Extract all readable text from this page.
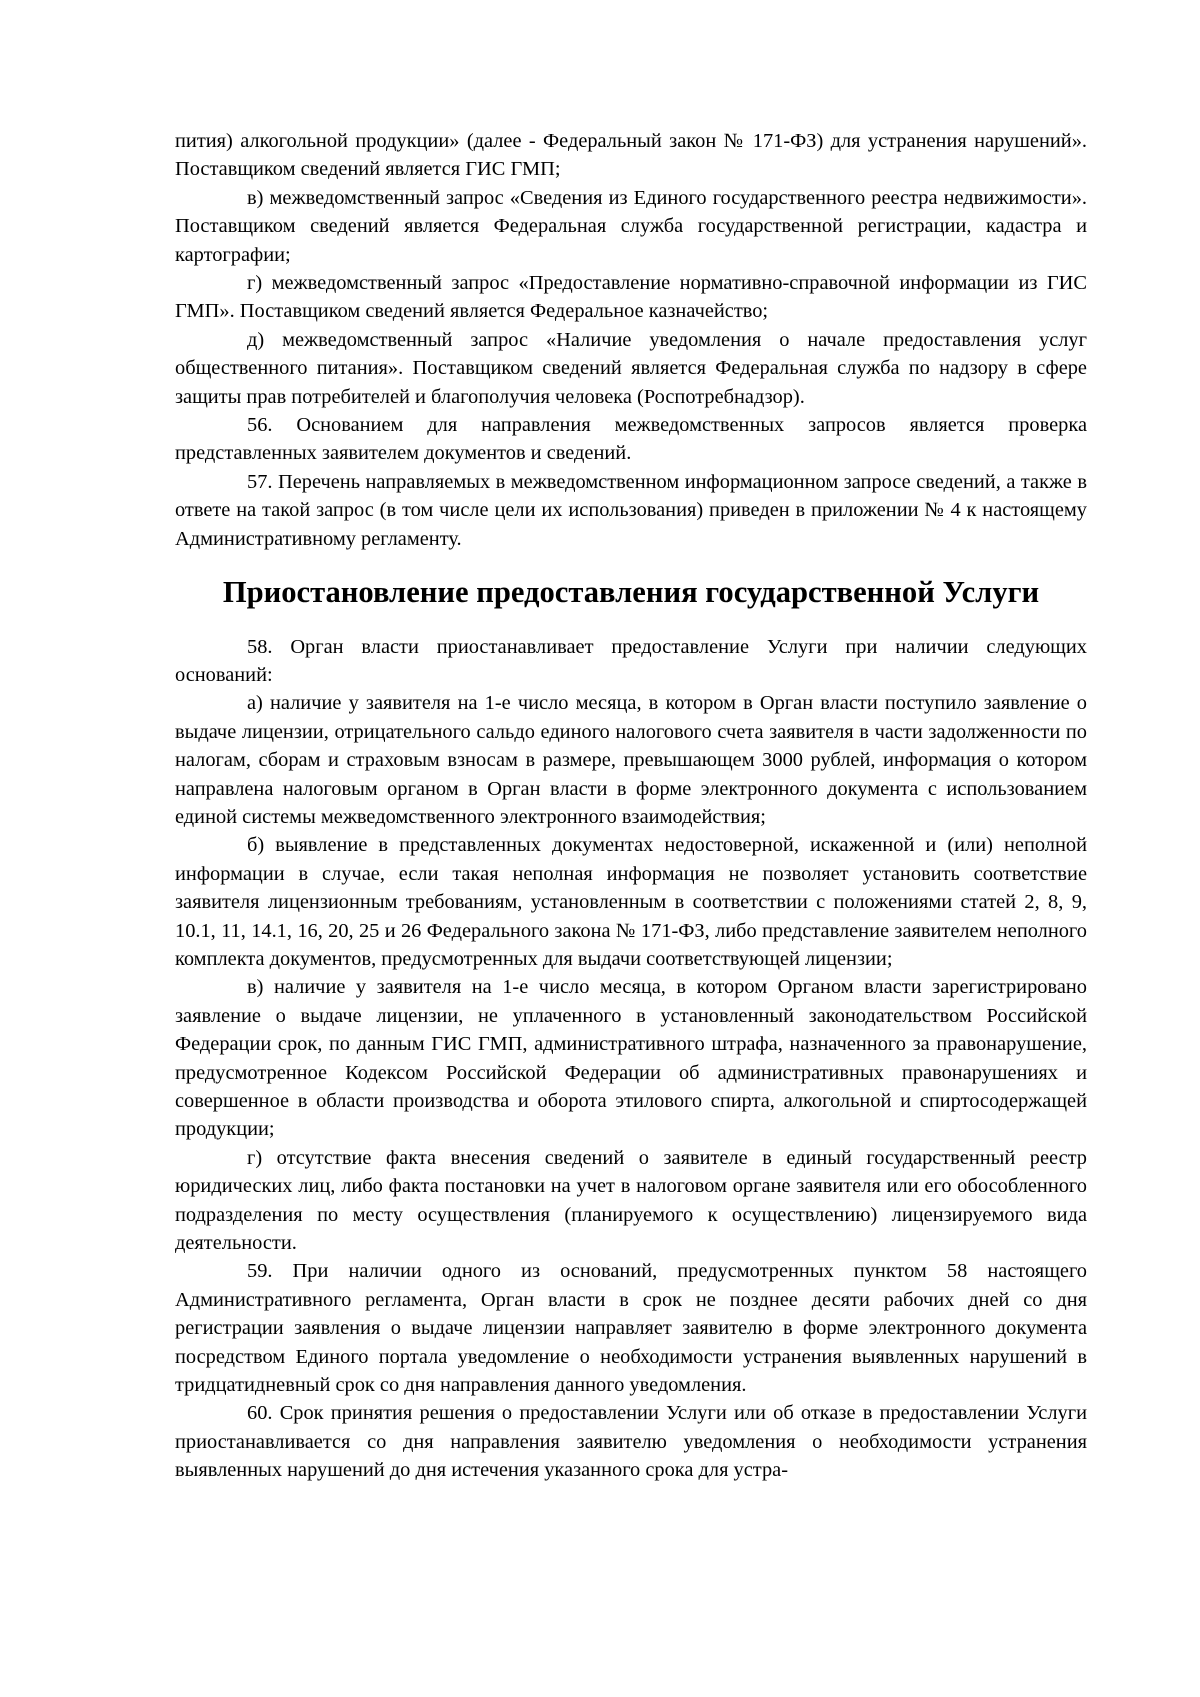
пития) алкогольной продукции» (далее - Федеральный закон № 171-ФЗ) для устранения нарушений». Поставщиком сведений является ГИС ГМП;

в) межведомственный запрос «Сведения из Единого государственного реестра недвижимости». Поставщиком сведений является Федеральная служба государственной регистрации, кадастра и картографии;

г) межведомственный запрос «Предоставление нормативно-справочной информации из ГИС ГМП». Поставщиком сведений является Федеральное казначейство;

д) межведомственный запрос «Наличие уведомления о начале предоставления услуг общественного питания». Поставщиком сведений является Федеральная служба по надзору в сфере защиты прав потребителей и благополучия человека (Роспотребнадзор).

56. Основанием для направления межведомственных запросов является проверка представленных заявителем документов и сведений.

57. Перечень направляемых в межведомственном информационном запросе сведений, а также в ответе на такой запрос (в том числе цели их использования) приведен в приложении № 4 к настоящему Административному регламенту.

Приостановление предоставления государственной Услуги

58. Орган власти приостанавливает предоставление Услуги при наличии следующих оснований:

а) наличие у заявителя на 1-е число месяца, в котором в Орган власти поступило заявление о выдаче лицензии, отрицательного сальдо единого налогового счета заявителя в части задолженности по налогам, сборам и страховым взносам в размере, превышающем 3000 рублей, информация о котором направлена налоговым органом в Орган власти в форме электронного документа с использованием единой системы межведомственного электронного взаимодействия;

б) выявление в представленных документах недостоверной, искаженной и (или) неполной информации в случае, если такая неполная информация не позволяет установить соответствие заявителя лицензионным требованиям, установленным в соответствии с положениями статей 2, 8, 9, 10.1, 11, 14.1, 16, 20, 25 и 26 Федерального закона № 171-ФЗ, либо представление заявителем неполного комплекта документов, предусмотренных для выдачи соответствующей лицензии;

в) наличие у заявителя на 1-е число месяца, в котором Органом власти зарегистрировано заявление о выдаче лицензии, не уплаченного в установленный законодательством Российской Федерации срок, по данным ГИС ГМП, административного штрафа, назначенного за правонарушение, предусмотренное Кодексом Российской Федерации об административных правонарушениях и совершенное в области производства и оборота этилового спирта, алкогольной и спиртосодержащей продукции;

г) отсутствие факта внесения сведений о заявителе в единый государственный реестр юридических лиц, либо факта постановки на учет в налоговом органе заявителя или его обособленного подразделения по месту осуществления (планируемого к осуществлению) лицензируемого вида деятельности.

59. При наличии одного из оснований, предусмотренных пунктом 58 настоящего Административного регламента, Орган власти в срок не позднее десяти рабочих дней со дня регистрации заявления о выдаче лицензии направляет заявителю в форме электронного документа посредством Единого портала уведомление о необходимости устранения выявленных нарушений в тридцатидневный срок со дня направления данного уведомления.

60. Срок принятия решения о предоставлении Услуги или об отказе в предоставлении Услуги приостанавливается со дня направления заявителю уведомления о необходимости устранения выявленных нарушений до дня истечения указанного срока для устра-
